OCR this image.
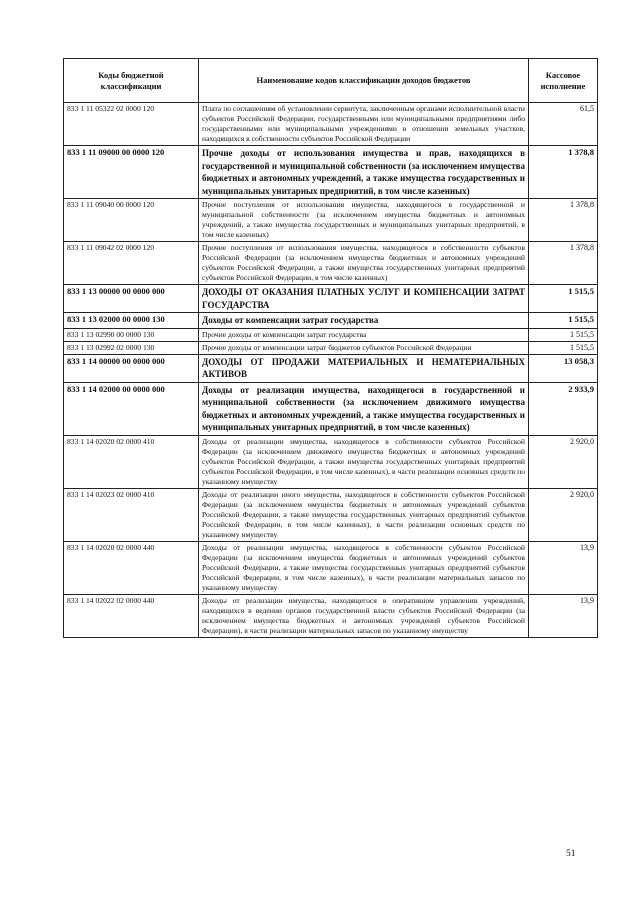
Коды бюджетной классификации	Наименование кодов классификации доходов бюджетов	Кассовое исполнение
833 1 11 05322 02 0000 120	Плата по соглашениям об установлении сервитута, заключенным органами исполнительной власти субъектов Российской Федерации, государственными или муниципальными предприятиями либо государственными или муниципальными учреждениями в отношении земельных участков, находящихся в собственности субъектов Российской Федерации	61,5
833 1 11 09000 00 0000 120	Прочие доходы от использования имущества и прав, находящихся в государственной и муниципальной собственности (за исключением имущества бюджетных и автономных учреждений, а также имущества государственных и муниципальных унитарных предприятий, в том числе казенных)	1 378,8
833 1 11 09040 00 0000 120	Прочие поступления от использования имущества, находящегося в государственной и муниципальной собственности (за исключением имущества бюджетных и автономных учреждений, а также имущества государственных и муниципальных унитарных предприятий, в том числе казенных)	1 378,8
833 1 11 09042 02 0000 120	Прочие поступления от использования имущества, находящегося в собственности субъектов Российской Федерации (за исключением имущества бюджетных и автономных учреждений субъектов Российской Федерации, а также имущества государственных унитарных предприятий субъектов Российской Федерации, в том числе казенных)	1 378,8
833 1 13 00000 00 0000 000	ДОХОДЫ ОТ ОКАЗАНИЯ ПЛАТНЫХ УСЛУГ И КОМПЕНСАЦИИ ЗАТРАТ ГОСУДАРСТВА	1 515,5
833 1 13 02000 00 0000 130	Доходы от компенсации затрат государства	1 515,5
833 1 13 02990 00 0000 130	Прочие доходы от компенсации затрат государства	1 515,5
833 1 13 02992 02 0000 130	Прочие доходы от компенсации затрат бюджетов субъектов Российской Федерации	1 515,5
833 1 14 00000 00 0000 000	ДОХОДЫ ОТ ПРОДАЖИ МАТЕРИАЛЬНЫХ И НЕМАТЕРИАЛЬНЫХ АКТИВОВ	13 058,3
833 1 14 02000 00 0000 000	Доходы от реализации имущества, находящегося в государственной и муниципальной собственности (за исключением движимого имущества бюджетных и автономных учреждений, а также имущества государственных и муниципальных унитарных предприятий, в том числе казенных)	2 933,9
833 1 14 02020 02 0000 410	Доходы от реализации имущества, находящегося в собственности субъектов Российской Федерации (за исключением движимого имущества бюджетных и автономных учреждений субъектов Российской Федерации, а также имущества государственных унитарных предприятий субъектов Российской Федерации, в том числе казенных), в части реализации основных средств по указанному имуществу	2 920,0
833 1 14 02023 02 0000 410	Доходы от реализации иного имущества, находящегося в собственности субъектов Российской Федерации (за исключением имущества бюджетных и автономных учреждений субъектов Российской Федерации, а также имущества государственных унитарных предприятий субъектов Российской Федерации, в том числе казенных), в части реализации основных средств по указанному имуществу	2 920,0
833 1 14 02020 02 0000 440	Доходы от реализации имущества, находящегося в собственности субъектов Российской Федерации (за исключением имущества бюджетных и автономных учреждений субъектов Российской Федерации, а также имущества государственных унитарных предприятий субъектов Российской Федерации, в том числе казенных), в части реализации материальных запасов по указанному имуществу	13,9
833 1 14 02022 02 0000 440	Доходы от реализации имущества, находящегося в оперативном управлении учреждений, находящихся в ведении органов государственной власти субъектов Российской Федерации (за исключением имущества бюджетных и автономных учреждений субъектов Российской Федерации), в части реализации материальных запасов по указанному имуществу	13,9
51
